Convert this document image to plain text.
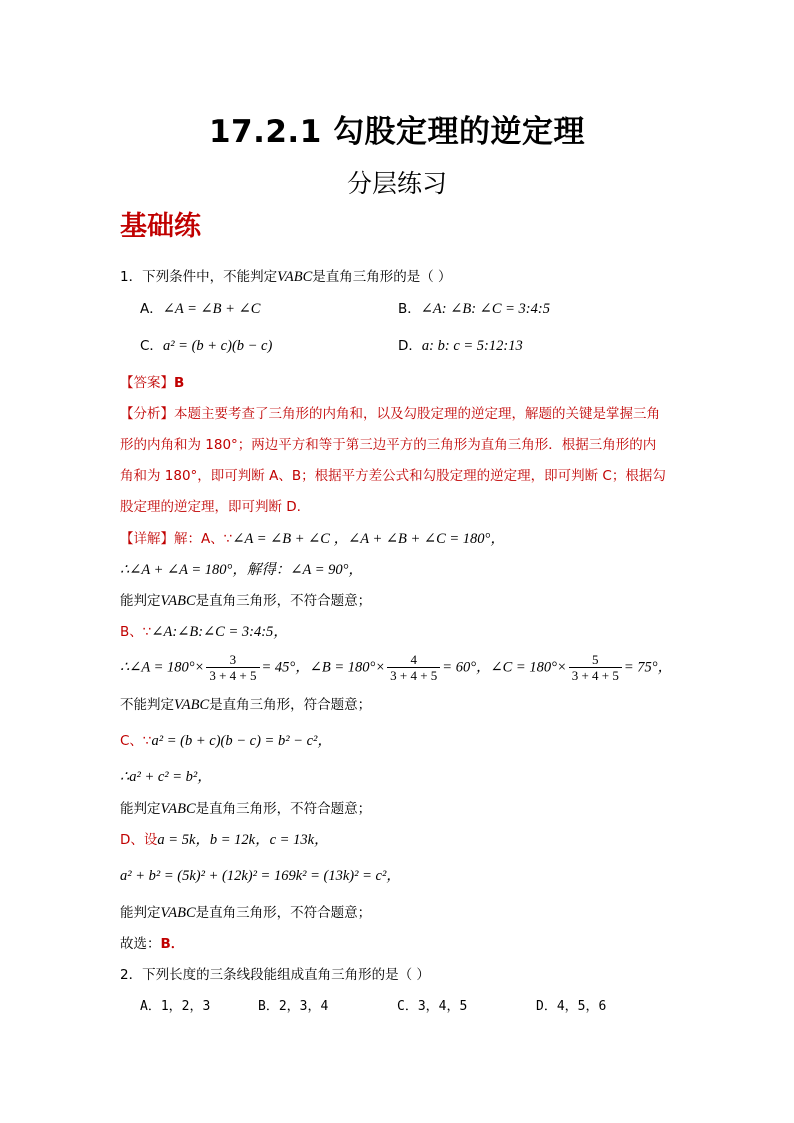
17.2.1 勾股定理的逆定理
分层练习
基础练
1．下列条件中，不能判定VABC是直角三角形的是（ ）
A．∠A = ∠B + ∠C	B．∠A: ∠B: ∠C = 3:4:5
C．a² = (b + c)(b − c)	D．a: b: c = 5:12:13
【答案】B
【分析】本题主要考查了三角形的内角和，以及勾股定理的逆定理，解题的关键是掌握三角
形的内角和为 180°；两边平方和等于第三边平方的三角形为直角三角形．根据三角形的内
角和为 180°，即可判断 A、B；根据平方差公式和勾股定理的逆定理，即可判断 C；根据勾
股定理的逆定理，即可判断 D.
【详解】解：A、∵∠A = ∠B + ∠C ，∠A + ∠B + ∠C = 180°，
∴∠A + ∠A = 180°，解得：∠A = 90°，
能判定VABC是直角三角形，不符合题意；
B、∵∠A:∠B:∠C = 3:4:5，
∴∠A = $180^\circ\times \frac{3}{3 + 4 + 5} = 45^\circ$，∠B = $180^\circ\times \frac{4}{3 + 4 + 5} = 60^\circ$，∠C = $180^\circ\times \frac{5}{3 + 4 + 5} = 75^\circ$，
不能判定VABC是直角三角形，符合题意；
C、∵a² = (b + c)(b − c) = b² − c²，
∴a² + c² = b²，
能判定VABC是直角三角形，不符合题意；
D、设a = 5k，b = 12k，c = 13k，
a² + b² = (5k)² + (12k)² = 169k² = (13k)² = c²，
能判定VABC是直角三角形，不符合题意；
故选：B．
2．下列长度的三条线段能组成直角三角形的是（ ）
A．1，2，3	B．2，3，4	C．3，4，5	D．4，5，6
